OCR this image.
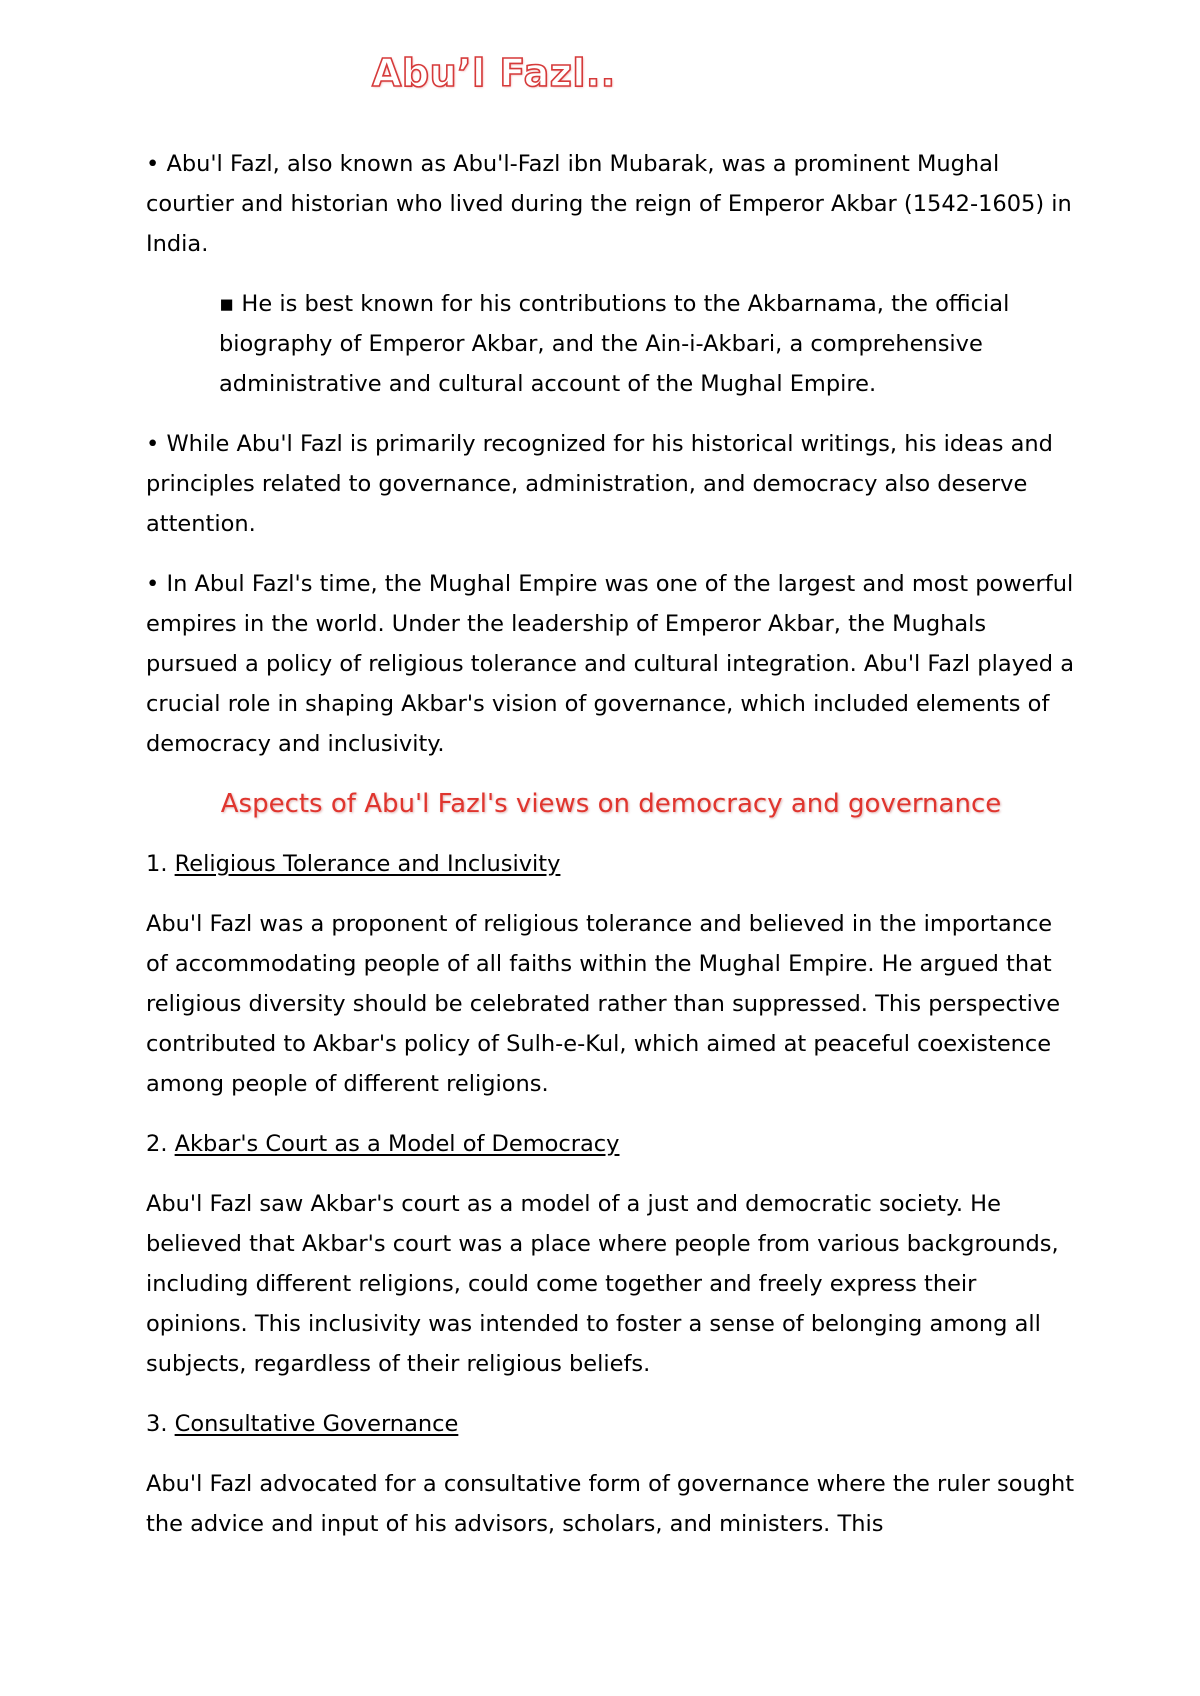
Abu’l Fazl..

• Abu'l Fazl, also known as Abu'l-Fazl ibn Mubarak, was a prominent Mughal courtier and historian who lived during the reign of Emperor Akbar (1542-1605) in India.

▪ He is best known for his contributions to the Akbarnama, the official biography of Emperor Akbar, and the Ain-i-Akbari, a comprehensive administrative and cultural account of the Mughal Empire.

• While Abu'l Fazl is primarily recognized for his historical writings, his ideas and principles related to governance, administration, and democracy also deserve attention.

• In Abul Fazl's time, the Mughal Empire was one of the largest and most powerful empires in the world. Under the leadership of Emperor Akbar, the Mughals pursued a policy of religious tolerance and cultural integration. Abu'l Fazl played a crucial role in shaping Akbar's vision of governance, which included elements of democracy and inclusivity.

Aspects of Abu'l Fazl's views on democracy and governance

1. Religious Tolerance and Inclusivity

Abu'l Fazl was a proponent of religious tolerance and believed in the importance of accommodating people of all faiths within the Mughal Empire. He argued that religious diversity should be celebrated rather than suppressed. This perspective contributed to Akbar's policy of Sulh-e-Kul, which aimed at peaceful coexistence among people of different religions.

2. Akbar's Court as a Model of Democracy

Abu'l Fazl saw Akbar's court as a model of a just and democratic society. He believed that Akbar's court was a place where people from various backgrounds, including different religions, could come together and freely express their opinions. This inclusivity was intended to foster a sense of belonging among all subjects, regardless of their religious beliefs.

3. Consultative Governance

Abu'l Fazl advocated for a consultative form of governance where the ruler sought the advice and input of his advisors, scholars, and ministers. This
